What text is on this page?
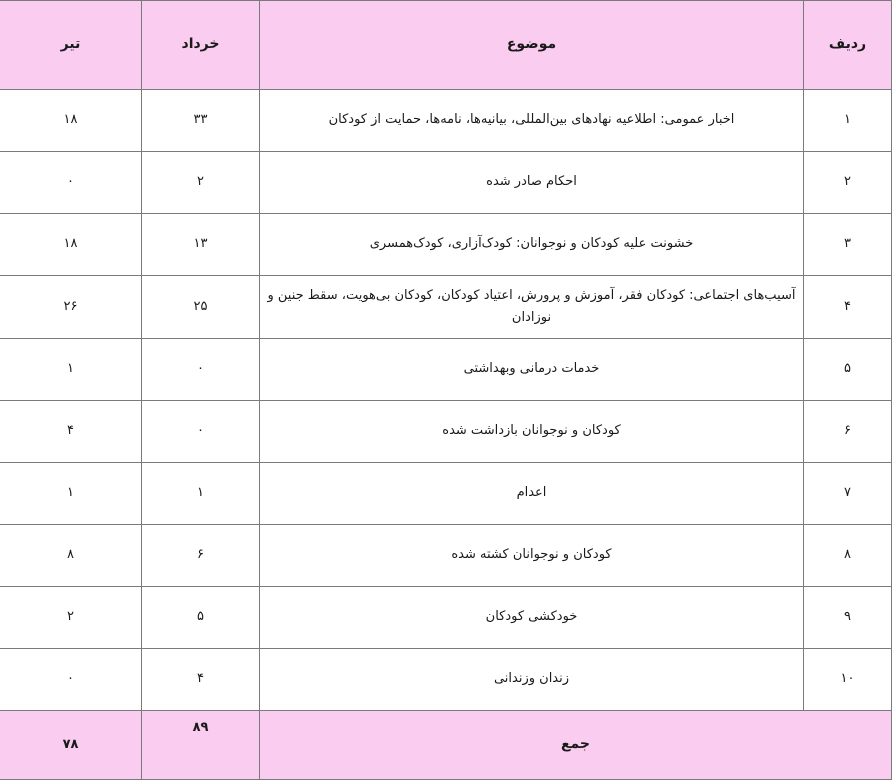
ردیف	موضوع	خرداد	تیر
۱	اخبار عمومی: اطلاعیه نهادهای بین‌المللی، بیانیه‌ها، نامه‌ها، حمایت از کودکان	۳۳	۱۸
۲	احکام صادر شده	۲	۰
۳	خشونت علیه کودکان و نوجوانان: کودک‌آزاری، کودک‌همسری	۱۳	۱۸
۴	آسیب‌های اجتماعی: کودکان فقر، آموزش و پرورش، اعتیاد کودکان، کودکان بی‌هویت، سقط جنین و نوزادان	۲۵	۲۶
۵	خدمات درمانی وبهداشتی	۰	۱
۶	کودکان و نوجوانان بازداشت شده	۰	۴
۷	اعدام	۱	۱
۸	کودکان و نوجوانان کشته شده	۶	۸
۹	خودکشی کودکان	۵	۲
۱۰	زندان وزندانی	۴	۰
جمع		۸۹	۷۸
